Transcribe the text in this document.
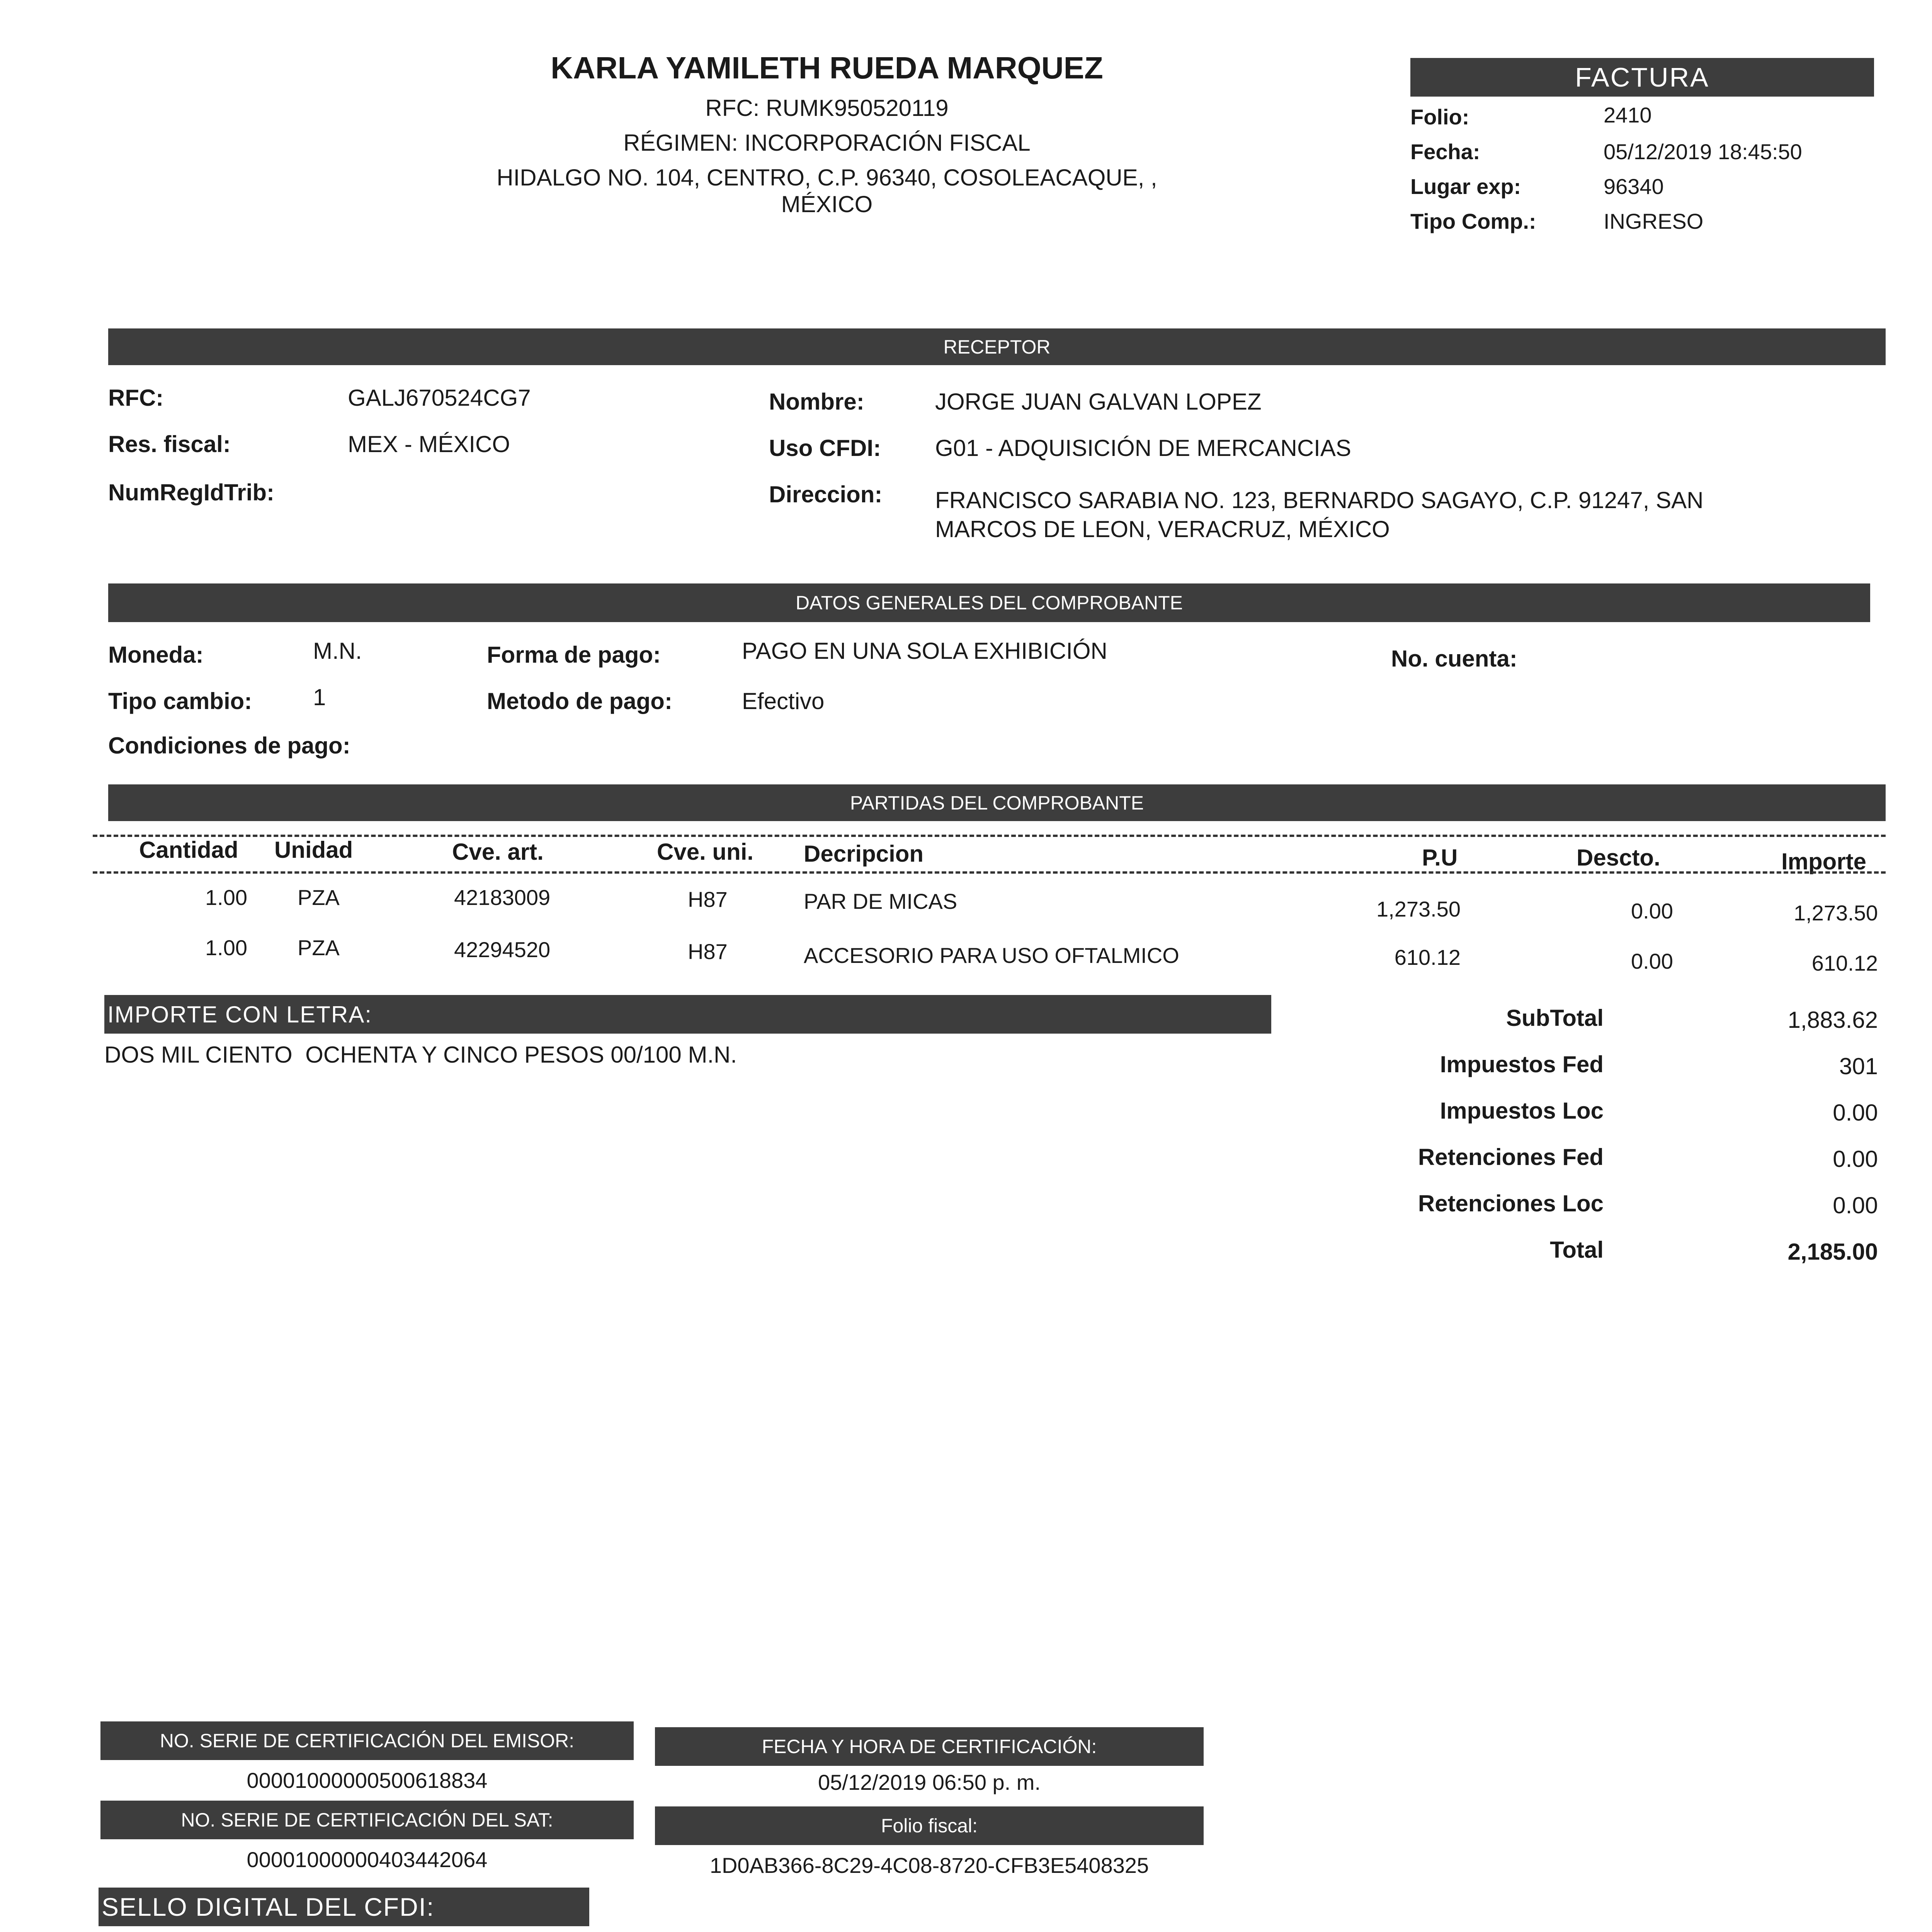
KARLA YAMILETH RUEDA MARQUEZ
RFC: RUMK950520119
RÉGIMEN: INCORPORACIÓN FISCAL
HIDALGO NO. 104, CENTRO, C.P. 96340, COSOLEACAQUE, , MÉXICO
FACTURA
Folio:	2410
Fecha:	05/12/2019 18:45:50
Lugar exp:	96340
Tipo Comp.:	INGRESO
RECEPTOR
RFC:	GALJ670524CG7
Res. fiscal:	MEX - MÉXICO
NumRegIdTrib:
Nombre:	JORGE JUAN GALVAN LOPEZ
Uso CFDI: G01 - ADQUISICIÓN DE MERCANCIAS
Direccion: FRANCISCO SARABIA NO. 123, BERNARDO SAGAYO, C.P. 91247, SAN
MARCOS DE LEON, VERACRUZ, MÉXICO
DATOS GENERALES DEL COMPROBANTE
Moneda:	M.N.
Tipo cambio:	1
Condiciones de pago:
Forma de pago:	PAGO EN UNA SOLA EXHIBICIÓN
Metodo de pago:	Efectivo
No. cuenta:
PARTIDAS DEL COMPROBANTE
Cantidad Unidad	Cve. art.	Cve. uni. Decripcion	P.U	Descto.	Importe
1.00 PZA	42183009	H87	PAR DE MICAS	1,273.50	0.00	1,273.50
1.00 PZA	42294520	H87	ACCESORIO PARA USO OFTALMICO	610.12	0.00	610.12
IMPORTE CON LETRA:
DOS MIL CIENTO  OCHENTA Y CINCO PESOS 00/100 M.N.
SubTotal	1,883.62
Impuestos Fed	301
Impuestos Loc	0.00
Retenciones Fed	0.00
Retenciones Loc	0.00
Total	2,185.00
NO. SERIE DE CERTIFICACIÓN DEL EMISOR:
00001000000500618834
NO. SERIE DE CERTIFICACIÓN DEL SAT:
00001000000403442064
FECHA Y HORA DE CERTIFICACIÓN:
05/12/2019 06:50 p. m.
Folio fiscal:
1D0AB366-8C29-4C08-8720-CFB3E5408325
SELLO DIGITAL DEL CFDI:
